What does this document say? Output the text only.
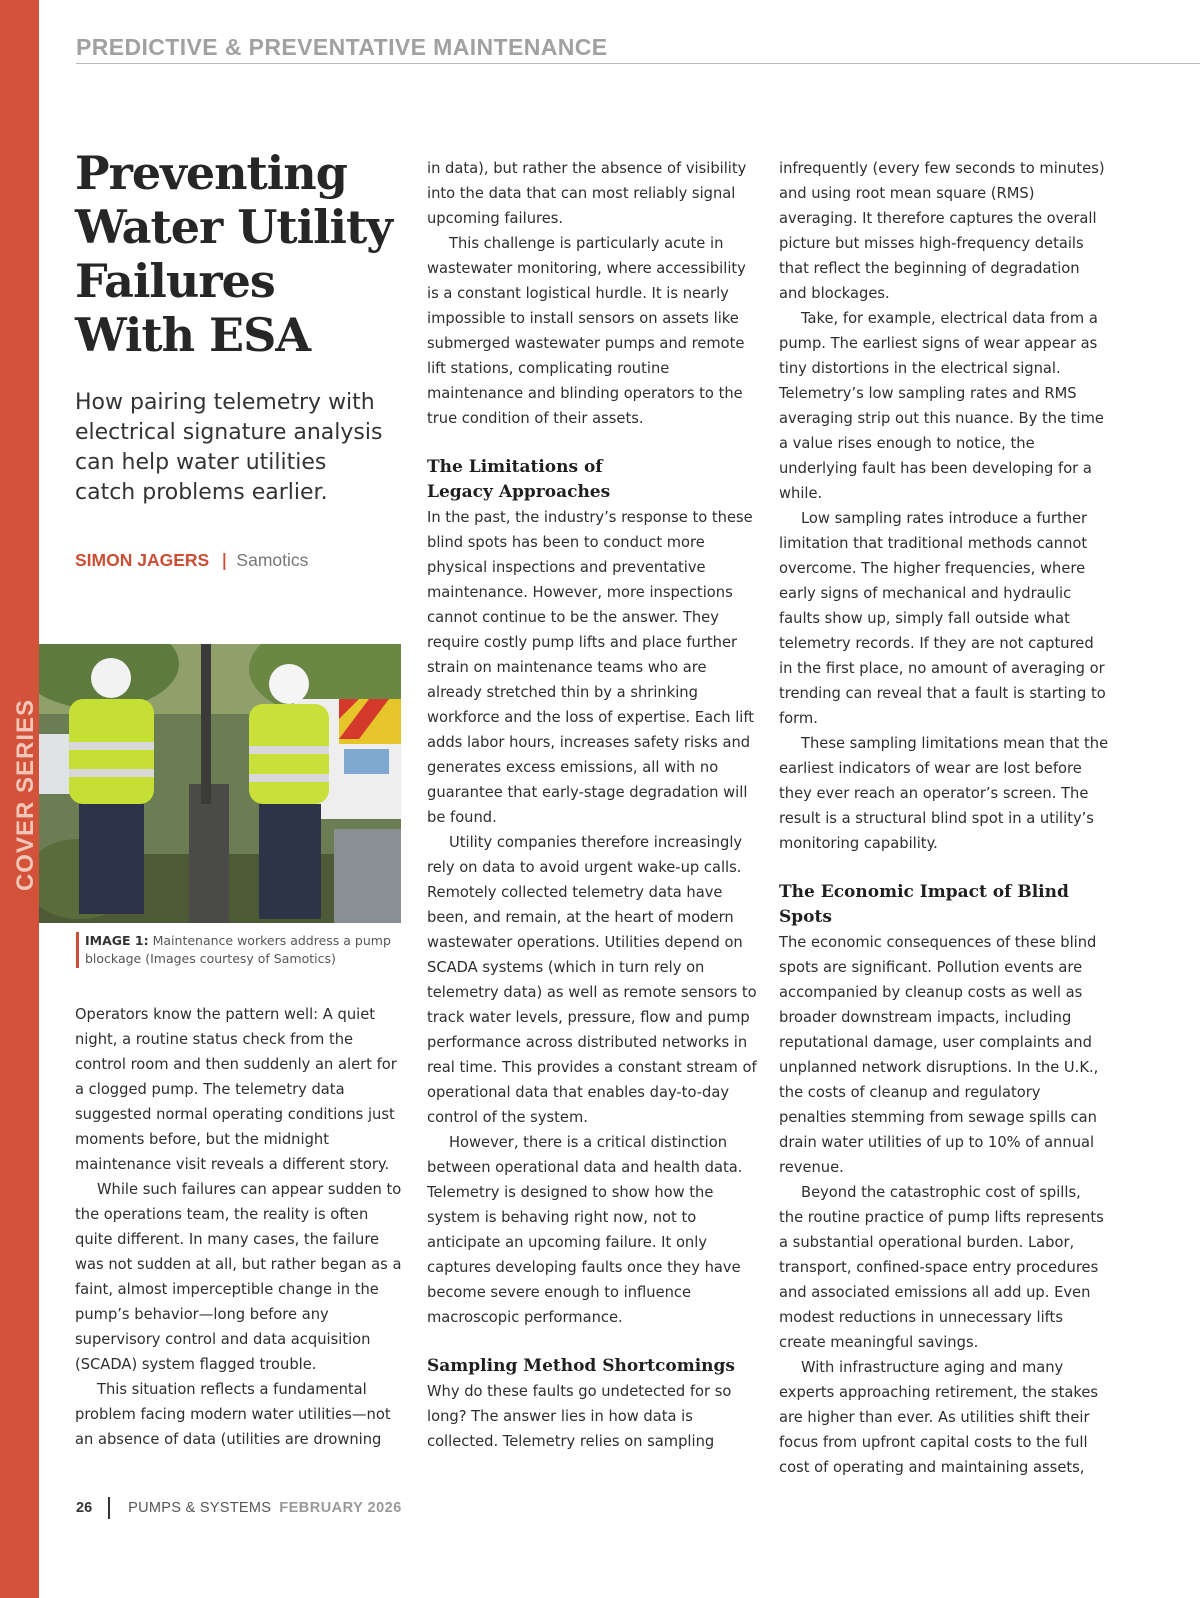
COVER SERIES
PREDICTIVE & PREVENTATIVE MAINTENANCE
Preventing
Water Utility
Failures
With ESA
How pairing telemetry with
electrical signature analysis
can help water utilities
catch problems earlier.
SIMON JAGERS | Samotics
IMAGE 1: Maintenance workers address a pump blockage (Images courtesy of Samotics)

Operators know the pattern well: A quiet night, a routine status check from the control room and then suddenly an alert for a clogged pump. The telemetry data suggested normal operating conditions just moments before, but the midnight maintenance visit reveals a different story.

While such failures can appear sudden to the operations team, the reality is often quite different. In many cases, the failure was not sudden at all, but rather began as a faint, almost imperceptible change in the pump’s behavior—long before any supervisory control and data acquisition (SCADA) system flagged trouble.

This situation reflects a fundamental problem facing modern water utilities—not an absence of data (utilities are drowning

in data), but rather the absence of visibility into the data that can most reliably signal upcoming failures.

This challenge is particularly acute in wastewater monitoring, where accessibility is a constant logistical hurdle. It is nearly impossible to install sensors on assets like submerged wastewater pumps and remote lift stations, complicating routine maintenance and blinding operators to the true condition of their assets.

The Limitations of
Legacy Approaches

In the past, the industry’s response to these blind spots has been to conduct more physical inspections and preventative maintenance. However, more inspections cannot continue to be the answer. They require costly pump lifts and place further strain on maintenance teams who are already stretched thin by a shrinking workforce and the loss of expertise. Each lift adds labor hours, increases safety risks and generates excess emissions, all with no guarantee that early-stage degradation will be found.

Utility companies therefore increasingly rely on data to avoid urgent wake-up calls. Remotely collected telemetry data have been, and remain, at the heart of modern wastewater operations. Utilities depend on SCADA systems (which in turn rely on telemetry data) as well as remote sensors to track water levels, pressure, flow and pump performance across distributed networks in real time. This provides a constant stream of operational data that enables day-to-day control of the system.

However, there is a critical distinction between operational data and health data. Telemetry is designed to show how the system is behaving right now, not to anticipate an upcoming failure. It only captures developing faults once they have become severe enough to influence macroscopic performance.

Sampling Method Shortcomings

Why do these faults go undetected for so long? The answer lies in how data is collected. Telemetry relies on sampling

infrequently (every few seconds to minutes) and using root mean square (RMS) averaging. It therefore captures the overall picture but misses high-frequency details that reflect the beginning of degradation and blockages.

Take, for example, electrical data from a pump. The earliest signs of wear appear as tiny distortions in the electrical signal. Telemetry’s low sampling rates and RMS averaging strip out this nuance. By the time a value rises enough to notice, the underlying fault has been developing for a while.

Low sampling rates introduce a further limitation that traditional methods cannot overcome. The higher frequencies, where early signs of mechanical and hydraulic faults show up, simply fall outside what telemetry records. If they are not captured in the first place, no amount of averaging or trending can reveal that a fault is starting to form.

These sampling limitations mean that the earliest indicators of wear are lost before they ever reach an operator’s screen. The result is a structural blind spot in a utility’s monitoring capability.

The Economic Impact of Blind Spots

The economic consequences of these blind spots are significant. Pollution events are accompanied by cleanup costs as well as broader downstream impacts, including reputational damage, user complaints and unplanned network disruptions. In the U.K., the costs of cleanup and regulatory penalties stemming from sewage spills can drain water utilities of up to 10% of annual revenue.

Beyond the catastrophic cost of spills, the routine practice of pump lifts represents a substantial operational burden. Labor, transport, confined-space entry procedures and associated emissions all add up. Even modest reductions in unnecessary lifts create meaningful savings.

With infrastructure aging and many experts approaching retirement, the stakes are higher than ever. As utilities shift their focus from upfront capital costs to the full cost of operating and maintaining assets,

26 PUMPS & SYSTEMS FEBRUARY 2026
